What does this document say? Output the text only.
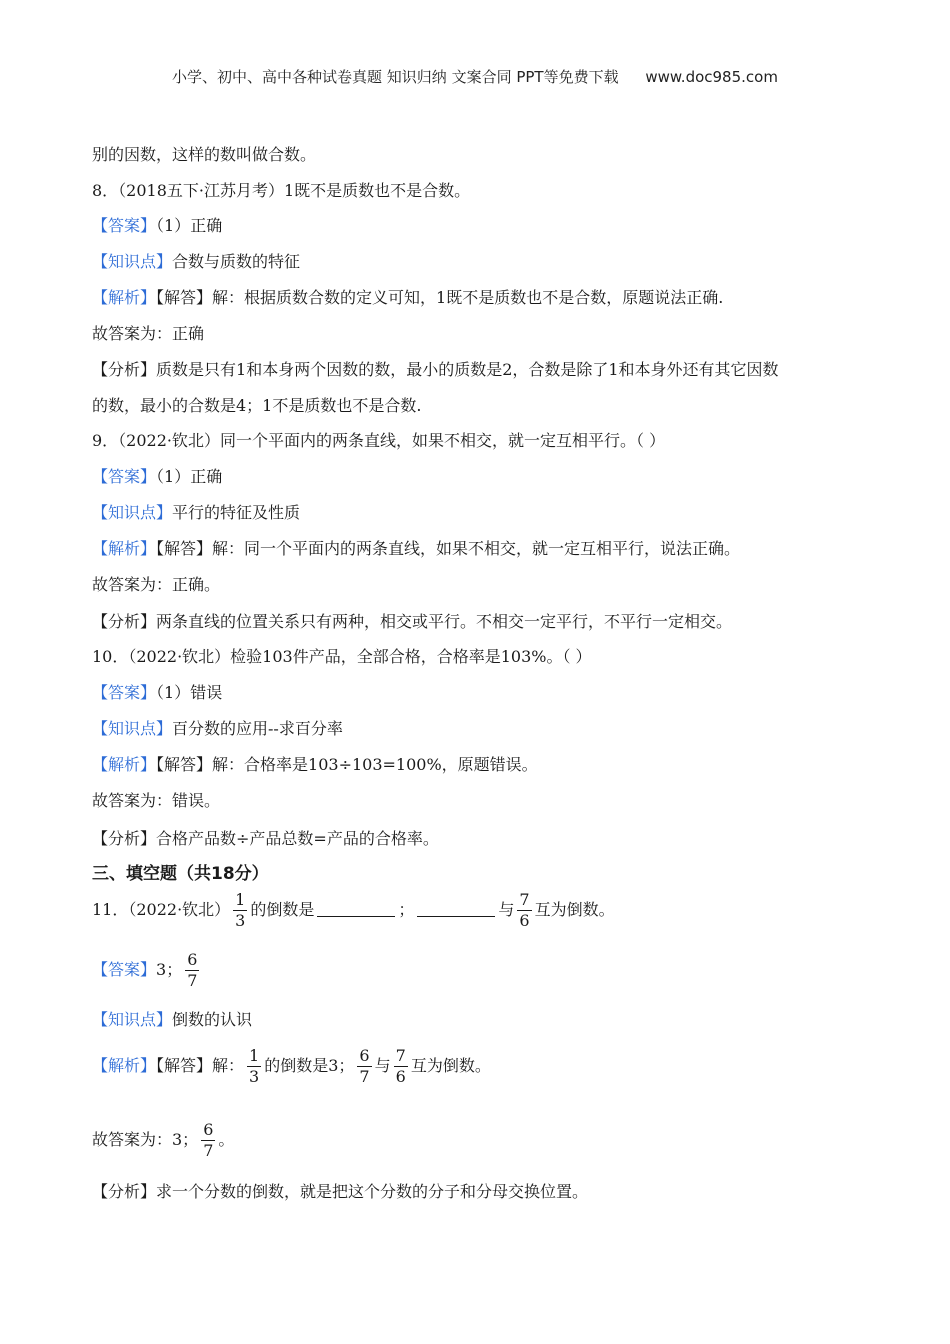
小学、初中、高中各种试卷真题 知识归纳 文案合同 PPT等免费下载 www.doc985.com
别的因数，这样的数叫做合数。
8．（2018五下·江苏月考）1既不是质数也不是合数。
【答案】（1）正确
【知识点】合数与质数的特征
【解析】【解答】解：根据质数合数的定义可知，1既不是质数也不是合数，原题说法正确.
故答案为：正确
【分析】质数是只有1和本身两个因数的数，最小的质数是2，合数是除了1和本身外还有其它因数
的数，最小的合数是4；1不是质数也不是合数.
9．（2022·钦北）同一个平面内的两条直线，如果不相交，就一定互相平行。（ ）
【答案】（1）正确
【知识点】平行的特征及性质
【解析】【解答】解：同一个平面内的两条直线，如果不相交，就一定互相平行，说法正确。
故答案为：正确。
【分析】两条直线的位置关系只有两种，相交或平行。不相交一定平行，不平行一定相交。
10．（2022·钦北）检验103件产品，全部合格，合格率是103%。（ ）
【答案】（1）错误
【知识点】百分数的应用--求百分率
【解析】【解答】解：合格率是103÷103=100%，原题错误。
故答案为：错误。
【分析】合格产品数÷产品总数=产品的合格率。
三、填空题（共18分）
11．（2022·钦北） $\frac{1}{3}$ 的倒数是	；	与 $\frac{7}{6}$ 互为倒数。
【答案】3； $\frac{6}{7}$
【知识点】倒数的认识
【解析】【解答】解： $\frac{1}{3}$ 的倒数是3； $\frac{6}{7}$ 与 $\frac{7}{6}$ 互为倒数。
故答案为：3； $\frac{6}{7}$ 。
【分析】求一个分数的倒数，就是把这个分数的分子和分母交换位置。
